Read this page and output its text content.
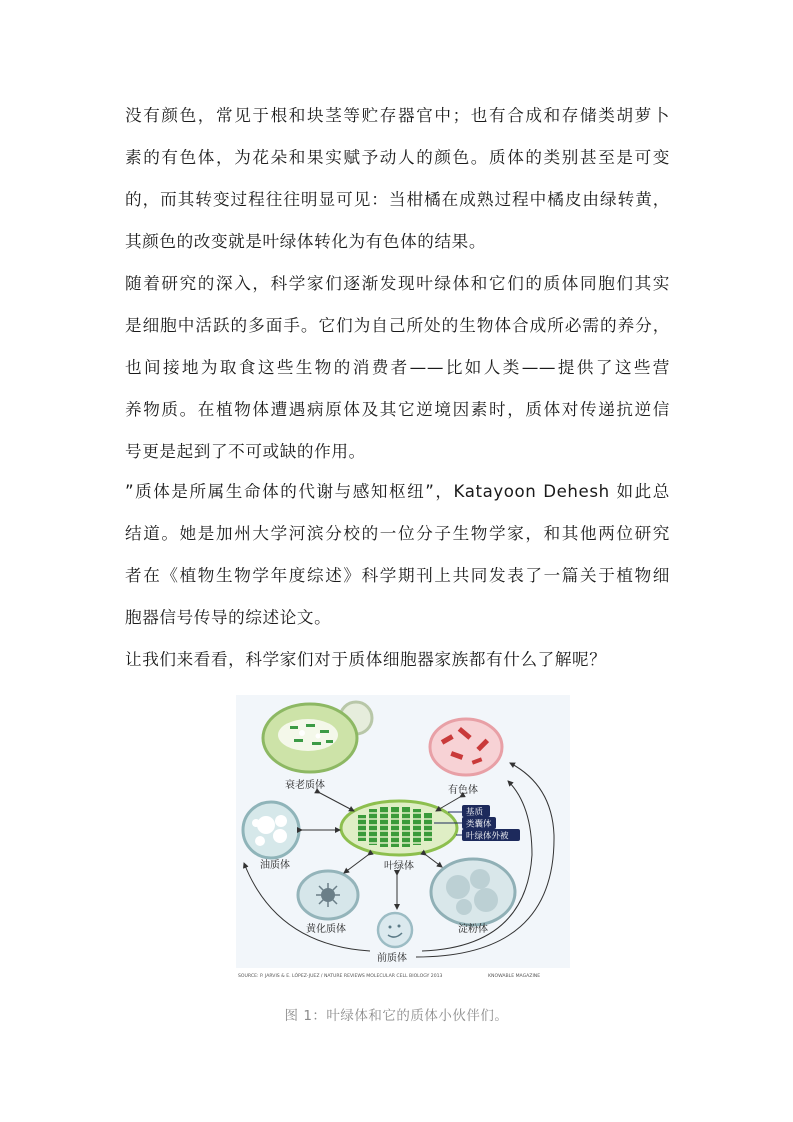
没有颜色，常见于根和块茎等贮存器官中；也有合成和存储类胡萝卜
素的有色体，为花朵和果实赋予动人的颜色。质体的类别甚至是可变
的，而其转变过程往往明显可见：当柑橘在成熟过程中橘皮由绿转黄，
其颜色的改变就是叶绿体转化为有色体的结果。
随着研究的深入，科学家们逐渐发现叶绿体和它们的质体同胞们其实
是细胞中活跃的多面手。它们为自己所处的生物体合成所必需的养分，
也间接地为取食这些生物的消费者——比如人类——提供了这些营
养物质。在植物体遭遇病原体及其它逆境因素时，质体对传递抗逆信
号更是起到了不可或缺的作用。
”质体是所属生命体的代谢与感知枢纽”，Katayoon Dehesh 如此总
结道。她是加州大学河滨分校的一位分子生物学家，和其他两位研究
者在《植物生物学年度综述》科学期刊上共同发表了一篇关于植物细
胞器信号传导的综述论文。
让我们来看看，科学家们对于质体细胞器家族都有什么了解呢？
衰老质体	有色体
油质体	叶绿体
基质
类囊体
叶绿体外被
黄化质体
前质体
淀粉体
SOURCE: P. JARVIS & E. LÓPEZ-JUEZ / NATURE REVIEWS MOLECULAR CELL BIOLOGY 2013	KNOWABLE MAGAZINE
图 1：叶绿体和它的质体小伙伴们。
